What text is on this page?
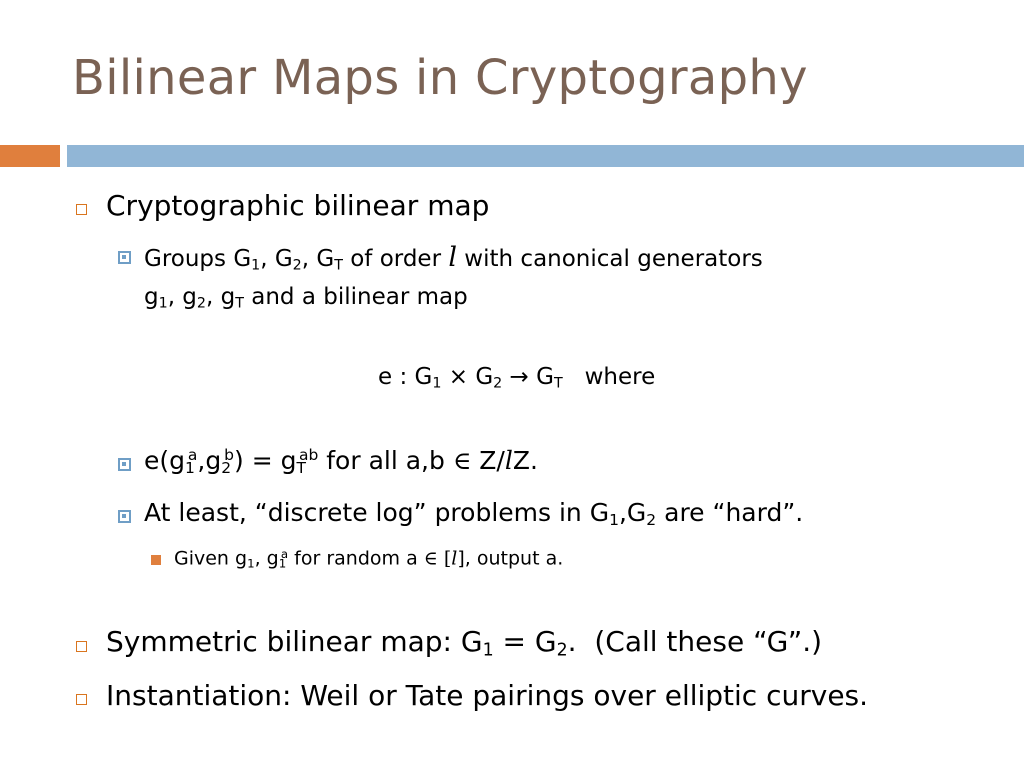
Bilinear Maps in Cryptography
Cryptographic bilinear map
Groups $G_1$, $G_2$, $G_T$ of order l with canonical generators
$g_1$, $g_2$, $g_T$ and a bilinear map
e : $G_1 \times G_2 \to G_T$   where
$e(g_1^a,g_2^b) = g_T^{ab}$ for all a,b ∈ Z/lZ.
At least, “discrete log” problems in $G_1,G_2$ are “hard”.
Given $g_1$, $g_1^a$ for random a ∈ [l], output a.
Symmetric bilinear map: $G_1 = G_2$.  (Call these “G”.)
Instantiation: Weil or Tate pairings over elliptic curves.
